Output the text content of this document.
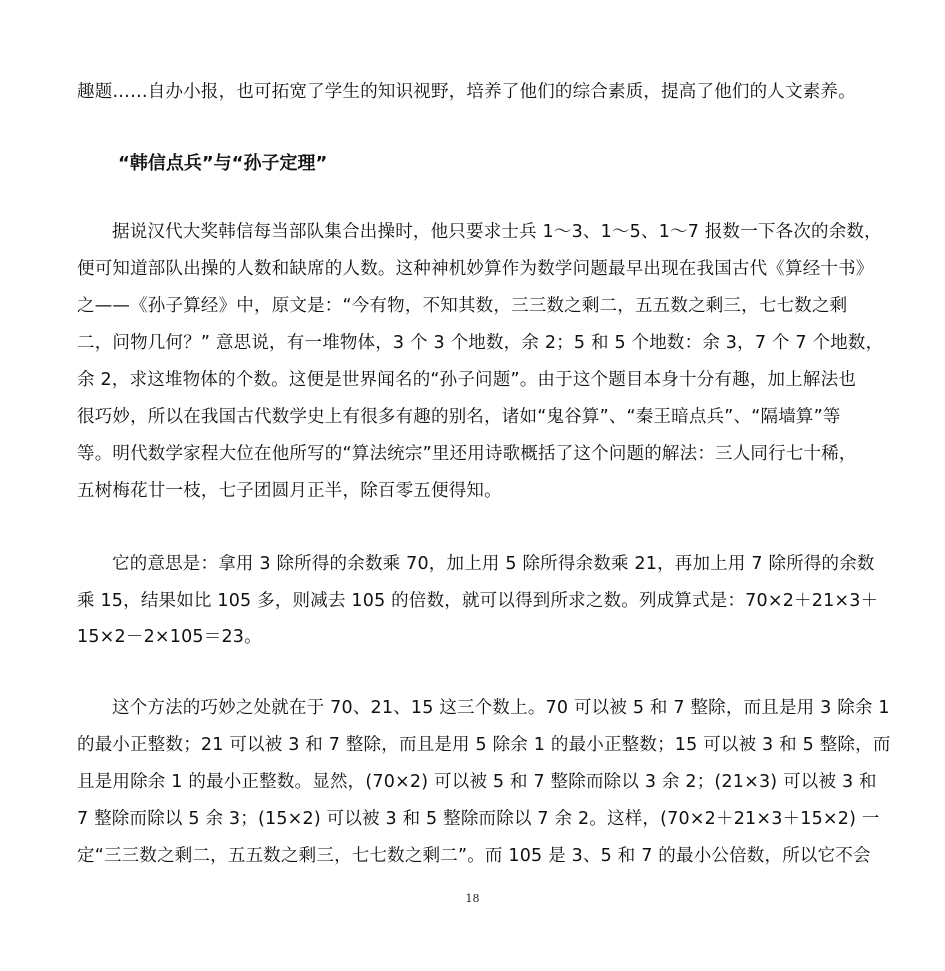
趣题……自办小报，也可拓宽了学生的知识视野，培养了他们的综合素质，提高了他们的人文素养。
“韩信点兵”与“孙子定理”
据说汉代大奖韩信每当部队集合出操时，他只要求士兵 1～3、1～5、1～7 报数一下各次的余数，
便可知道部队出操的人数和缺席的人数。这种神机妙算作为数学问题最早出现在我国古代《算经十书》
之——《孙子算经》中，原文是：“今有物，不知其数，三三数之剩二，五五数之剩三，七七数之剩
二，问物几何？” 意思说，有一堆物体，3 个 3 个地数，余 2；5 和 5 个地数：余 3，7 个 7 个地数，
余 2，求这堆物体的个数。这便是世界闻名的“孙子问题”。由于这个题目本身十分有趣，加上解法也
很巧妙，所以在我国古代数学史上有很多有趣的别名，诸如“鬼谷算”、“秦王暗点兵”、“隔墙算”等
等。明代数学家程大位在他所写的“算法统宗”里还用诗歌概括了这个问题的解法：三人同行七十稀，
五树梅花廿一枝，七子团圆月正半，除百零五便得知。
它的意思是：拿用 3 除所得的余数乘 70，加上用 5 除所得余数乘 21，再加上用 7 除所得的余数
乘 15，结果如比 105 多，则减去 105 的倍数，就可以得到所求之数。列成算式是：70×2＋21×3＋
15×2－2×105＝23。
这个方法的巧妙之处就在于 70、21、15 这三个数上。70 可以被 5 和 7 整除，而且是用 3 除余 1
的最小正整数；21 可以被 3 和 7 整除，而且是用 5 除余 1 的最小正整数；15 可以被 3 和 5 整除，而
且是用除余 1 的最小正整数。显然，(70×2) 可以被 5 和 7 整除而除以 3 余 2；(21×3) 可以被 3 和
7 整除而除以 5 余 3；(15×2) 可以被 3 和 5 整除而除以 7 余 2。这样，(70×2＋21×3＋15×2) 一
定“三三数之剩二，五五数之剩三，七七数之剩二”。而 105 是 3、5 和 7 的最小公倍数，所以它不会
18
